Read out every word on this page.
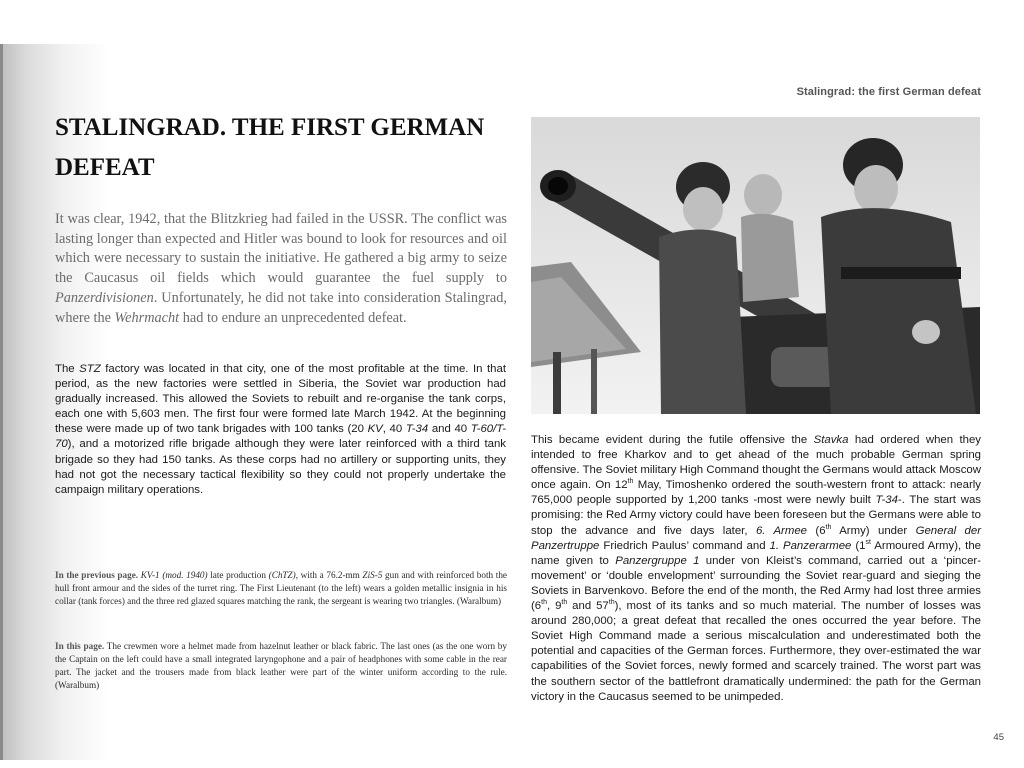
Stalingrad: the first German defeat
STALINGRAD. THE FIRST GERMAN DEFEAT

It was clear, 1942, that the Blitzkrieg had failed in the USSR. The conflict was lasting longer than expected and Hitler was bound to look for resources and oil which were necessary to sustain the initiative. He gathered a big army to seize the Caucasus oil fields which would guarantee the fuel supply to Panzerdivisionen. Unfortunately, he did not take into consideration Stalingrad, where the Wehrmacht had to endure an unprecedented defeat.

The STZ factory was located in that city, one of the most profitable at the time. In that period, as the new factories were settled in Siberia, the Soviet war production had gradually increased. This allowed the Soviets to rebuilt and re-organise the tank corps, each one with 5,603 men. The first four were formed late March 1942. At the beginning these were made up of two tank brigades with 100 tanks (20 KV, 40 T-34 and 40 T-60/T-70), and a motorized rifle brigade although they were later reinforced with a third tank brigade so they had 150 tanks. As these corps had no artillery or supporting units, they had not got the necessary tactical flexibility so they could not properly undertake the campaign military operations.

In the previous page. KV-1 (mod. 1940) late production (ChTZ), with a 76.2-mm ZiS-5 gun and with reinforced both the hull front armour and the sides of the turret ring. The First Lieutenant (to the left) wears a golden metallic insignia in his collar (tank forces) and the three red glazed squares matching the rank, the sergeant is wearing two triangles. (Waralbum)

In this page. The crewmen wore a helmet made from hazelnut leather or black fabric. The last ones (as the one worn by the Captain on the left could have a small integrated laryngophone and a pair of headphones with some cable in the rear part. The jacket and the trousers made from black leather were part of the winter uniform according to the rule. (Waralbum)

This became evident during the futile offensive the Stavka had ordered when they intended to free Kharkov and to get ahead of the much probable German spring offensive. The Soviet military High Command thought the Germans would attack Moscow once again. On 12th May, Timoshenko ordered the south-western front to attack: nearly 765,000 people supported by 1,200 tanks -most were newly built T-34-. The start was promising: the Red Army victory could have been foreseen but the Germans were able to stop the advance and five days later, 6. Armee (6th Army) under General der Panzertruppe Friedrich Paulus’ command and 1. Panzerarmee (1st Armoured Army), the name given to Panzergruppe 1 under von Kleist’s command, carried out a ‘pincer-movement’ or ‘double envelopment’ surrounding the Soviet rear-guard and sieging the Soviets in Barvenkovo. Before the end of the month, the Red Army had lost three armies (6th, 9th and 57th), most of its tanks and so much material. The number of losses was around 280,000; a great defeat that recalled the ones occurred the year before. The Soviet High Command made a serious miscalculation and underestimated both the potential and capacities of the German forces. Furthermore, they over-estimated the war capabilities of the Soviet forces, newly formed and scarcely trained. The worst part was the southern sector of the battlefront dramatically undermined: the path for the German victory in the Caucasus seemed to be unimpeded.

45
